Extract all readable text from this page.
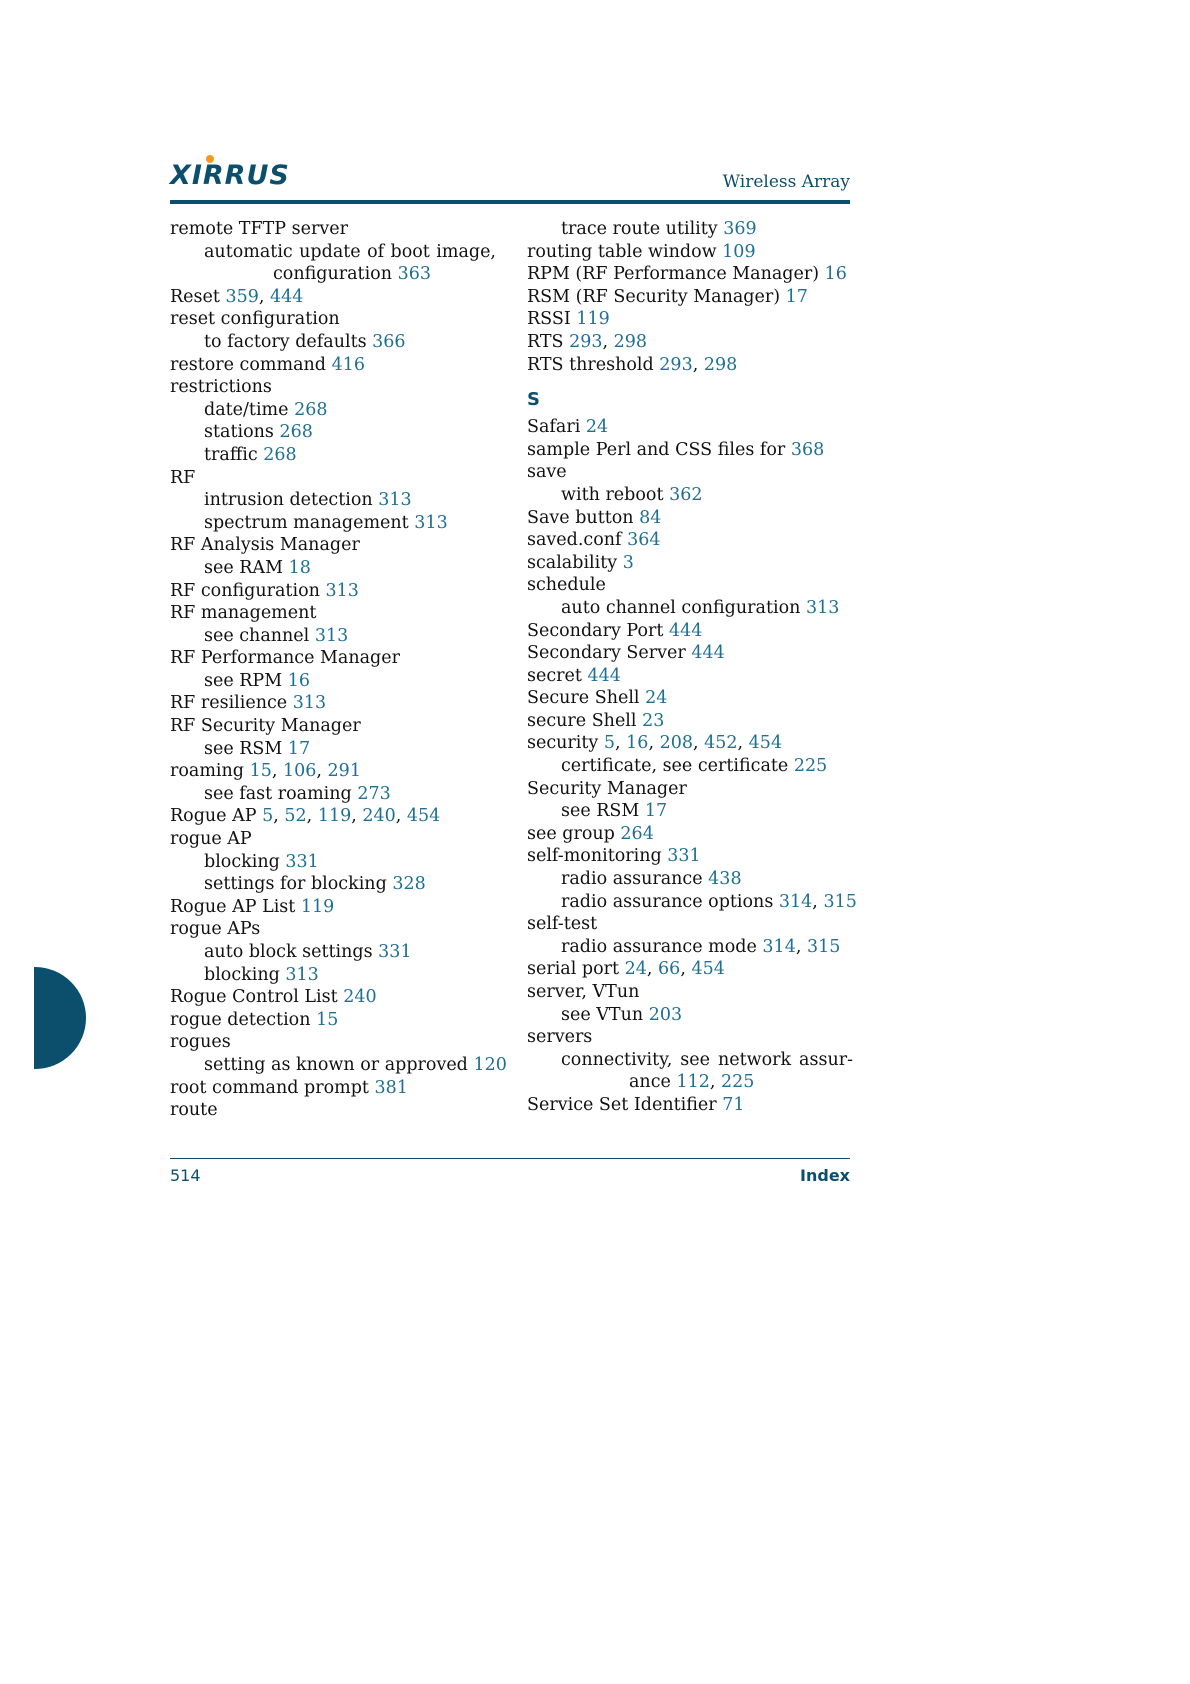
XIRRUS	Wireless Array
remote TFTP server
automatic update of boot image,
configuration 363
Reset 359, 444
reset configuration
to factory defaults 366
restore command 416
restrictions
date/time 268
stations 268
traffic 268
RF
intrusion detection 313
spectrum management 313
RF Analysis Manager
see RAM 18
RF configuration 313
RF management
see channel 313
RF Performance Manager
see RPM 16
RF resilience 313
RF Security Manager
see RSM 17
roaming 15, 106, 291
see fast roaming 273
Rogue AP 5, 52, 119, 240, 454
rogue AP
blocking 331
settings for blocking 328
Rogue AP List 119
rogue APs
auto block settings 331
blocking 313
Rogue Control List 240
rogue detection 15
rogues
setting as known or approved 120
root command prompt 381
route
trace route utility 369
routing table window 109
RPM (RF Performance Manager) 16
RSM (RF Security Manager) 17
RSSI 119
RTS 293, 298
RTS threshold 293, 298
S
Safari 24
sample Perl and CSS files for 368
save
with reboot 362
Save button 84
saved.conf 364
scalability 3
schedule
auto channel configuration 313
Secondary Port 444
Secondary Server 444
secret 444
Secure Shell 24
secure Shell 23
security 5, 16, 208, 452, 454
certificate, see certificate 225
Security Manager
see RSM 17
see group 264
self-monitoring 331
radio assurance 438
radio assurance options 314, 315
self-test
radio assurance mode 314, 315
serial port 24, 66, 454
server, VTun
see VTun 203
servers
connectivity, see network assur-
ance 112, 225
Service Set Identifier 71
514	Index
